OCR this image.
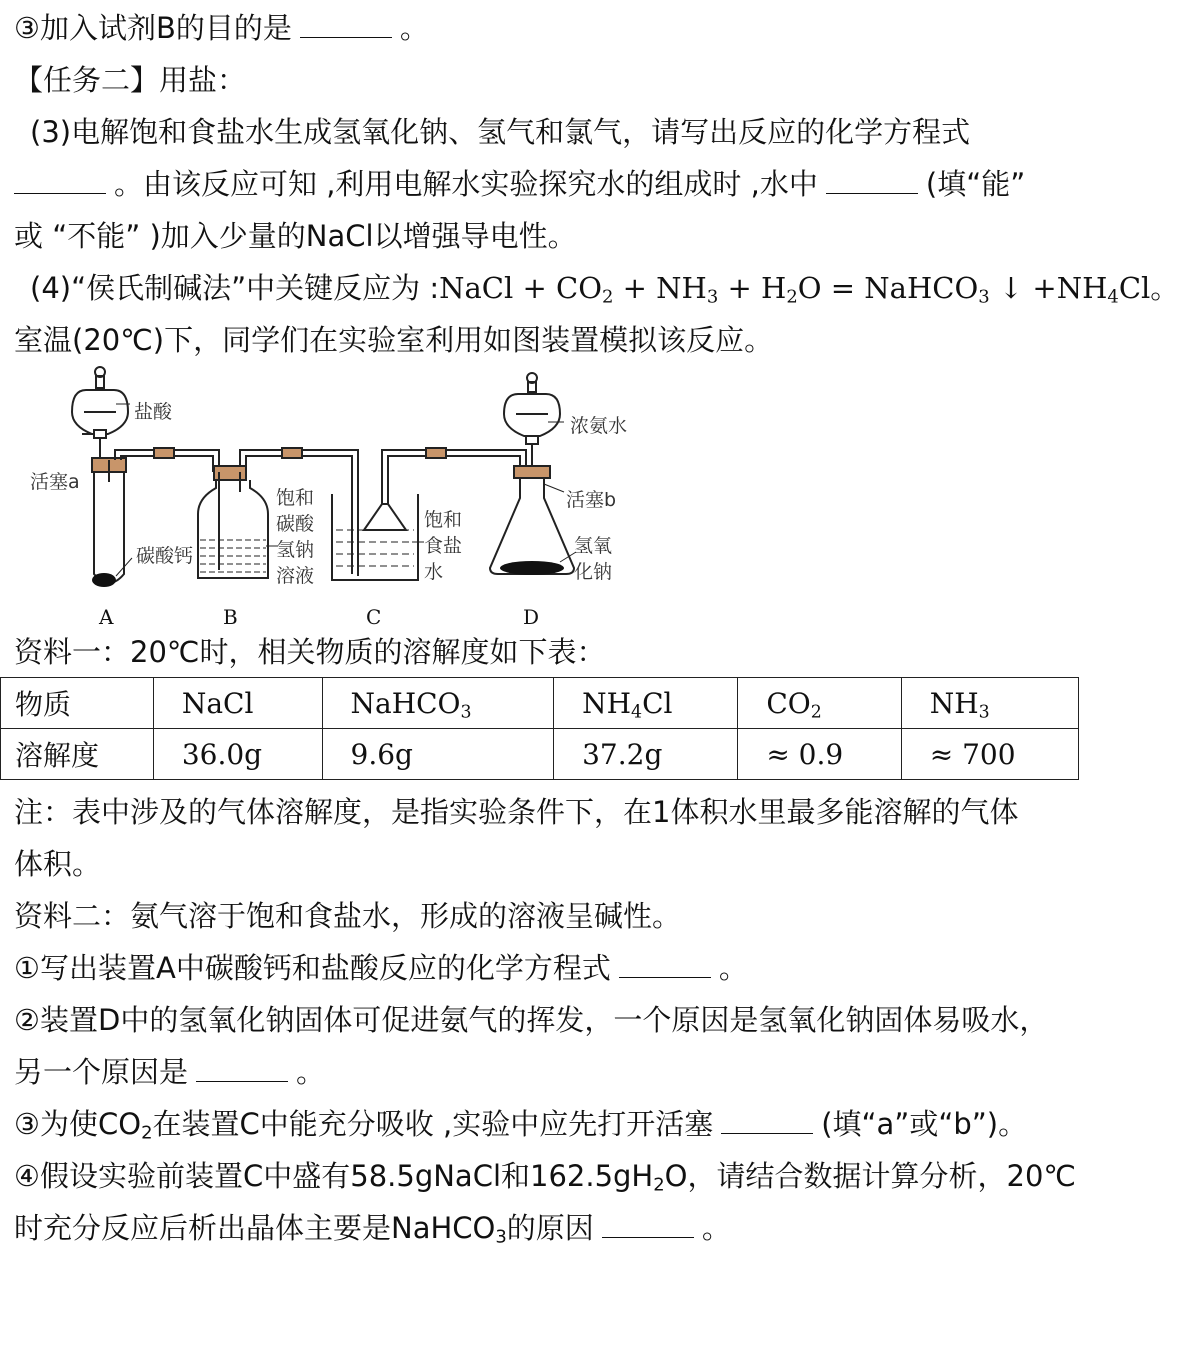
③加入试剂B的目的是	。
【任务二】用盐：
(3)电解饱和食盐水生成氢氧化钠、氢气和氯气，请写出反应的化学方程式
。由该反应可知 ,利用电解水实验探究水的组成时 ,水中	(填“能”
或 “不能” )加入少量的NaCl以增强导电性。
(4)“侯氏制碱法”中关键反应为 :NaCl + $CO_2 + NH_3 + H_2O$ = NaHCO$_3$ ↓ $+NH_4Cl$。
室温(20℃)下，同学们在实验室利用如图装置模拟该反应。
盐酸
活塞a
碳酸钙
饱和
碳酸
氢钠
溶液
饱和
食盐
水
浓氨水
活塞b
氢氧
化钠
A	B	C	D
资料一：20℃时，相关物质的溶解度如下表：
物质	NaCl	NaHCO$_3$	$NH_4Cl$	$CO_2$	$NH_3$
溶解度	36.0g	9.6g	37.2g	≈ 0.9	≈ 700
注：表中涉及的气体溶解度，是指实验条件下，在1体积水里最多能溶解的气体
体积。
资料二：氨气溶于饱和食盐水，形成的溶液呈碱性。
①写出装置A中碳酸钙和盐酸反应的化学方程式	。
②装置D中的氢氧化钠固体可促进氨气的挥发，一个原因是氢氧化钠固体易吸水，
另一个原因是	。
③为使$CO_2$在装置C中能充分吸收 ,实验中应先打开活塞	(填“a”或“b”)。
④假设实验前装置C中盛有58.5gNaCl和$162.5gH_2O$，请结合数据计算分析，20℃
时充分反应后析出晶体主要是NaHCO$_3$的原因	。
